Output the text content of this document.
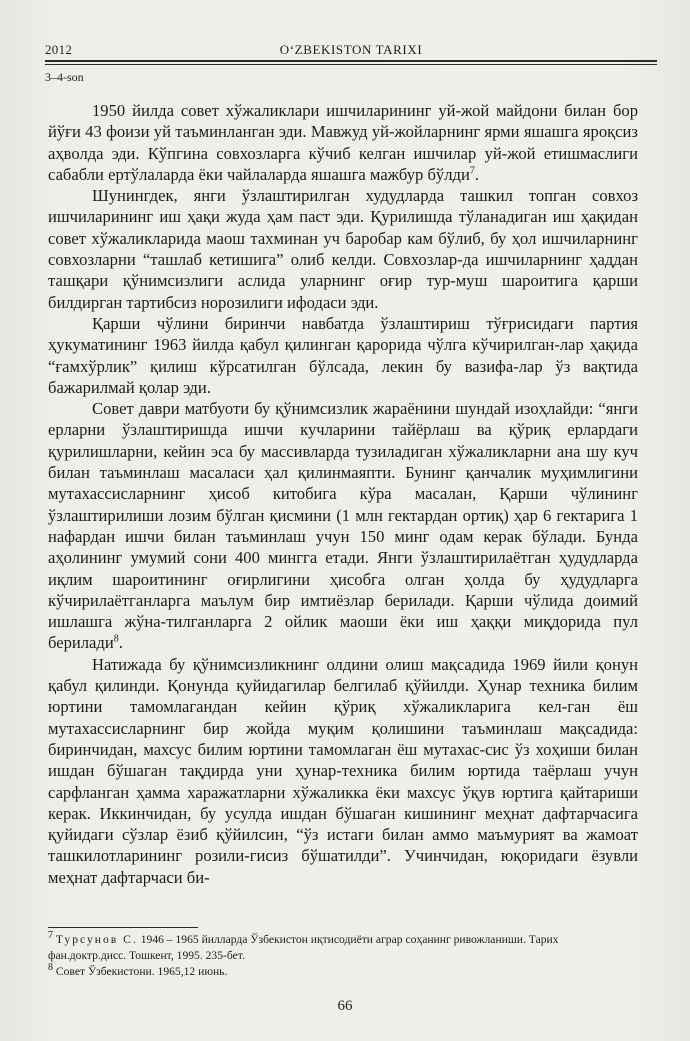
2012	O‘ZBEKISTON TARIXI
3–4-son

1950 йилда совет хўжаликлари ишчиларининг уй-жой майдони билан бор йўғи 43 фоизи уй таъминланган эди. Мавжуд уй-жойларнинг ярми яшашга яроқсиз аҳволда эди. Кўпгина совхозларга кўчиб келган ишчилар уй-жой етишмаслиги сабабли ертўлаларда ёки чайлаларда яшашга мажбур бўлди$^7$.

Шунингдек, янги ўзлаштирилган худудларда ташкил топган совхоз ишчиларининг иш ҳақи жуда ҳам паст эди. Қурилишда тўланадиган иш ҳақидан совет хўжаликларида маош тахминан уч баробар кам бўлиб, бу ҳол ишчиларнинг совхозларни “ташлаб кетишига” олиб келди. Совхозлар-да ишчиларнинг ҳаддан ташқари қўнимсизлиги аслида уларнинг оғир тур-муш шароитига қарши билдирган тартибсиз норозилиги ифодаси эди.

Қарши чўлини биринчи навбатда ўзлаштириш тўғрисидаги партия ҳукуматининг 1963 йилда қабул қилинган қарорида чўлга кўчирилган-лар ҳақида “ғамхўрлик” қилиш кўрсатилган бўлсада, лекин бу вазифа-лар ўз вақтида бажарилмай қолар эди.

Совет даври матбуоти бу қўнимсизлик жараёнини шундай изоҳлайди: “янги ерларни ўзлаштиришда ишчи кучларини тайёрлаш ва қўриқ ерлардаги қурилишларни, кейин эса бу массивларда тузиладиган хўжаликларни ана шу куч билан таъминлаш масаласи ҳал қилинмаяпти. Бунинг қанчалик муҳимлигини мутахассисларнинг ҳисоб китобига кўра масалан, Қарши чўлининг ўзлаштирилиши лозим бўлган қисмини (1 млн гектардан ортиқ) ҳар 6 гектарига 1 нафардан ишчи билан таъминлаш учун 150 минг одам керак бўлади. Бунда аҳолининг умумий сони 400 мингга етади. Янги ўзлаштирилаётган ҳудудларда иқлим шароитининг оғирлигини ҳисобга олган ҳолда бу ҳудудларга кўчирилаётганларга маълум бир имтиёзлар берилади. Қарши чўлида доимий ишлашга жўна-тилганларга 2 ойлик маоши ёки иш ҳаққи миқдорида пул берилади$^8$.

Натижада бу қўнимсизликнинг олдини олиш мақсадида 1969 йили қонун қабул қилинди. Қонунда қуйидагилар белгилаб қўйилди. Ҳунар техника билим юртини тамомлагандан кейин қўриқ хўжаликларига кел-ган ёш мутахассисларнинг бир жойда муқим қолишини таъминлаш мақсадида: биринчидан, махсус билим юртини тамомлаган ёш мутахас-сис ўз хоҳиши билан ишдан бўшаган тақдирда уни ҳунар-техника билим юртида таёрлаш учун сарфланган ҳамма харажатларни хўжаликка ёки махсус ўқув юртига қайтариши керак. Иккинчидан, бу усулда ишдан бўшаган кишининг меҳнат дафтарчасига қуйидаги сўзлар ёзиб қўйилсин, “ўз истаги билан аммо маъмурият ва жамоат ташкилотларининг розили-гисиз бўшатилди”. Учинчидан, юқоридаги ёзувли меҳнат дафтарчаси би-

$^7$ Турсунов С. 1946 – 1965 йилларда Ўзбекистон иқтисодиёти аграр соҳанинг ривожланиши. Тарих фан.доктр.дисс. Тошкент, 1995. 235-бет.
$^8$ Совет Ўзбекистони. 1965,12 июнь.
66
